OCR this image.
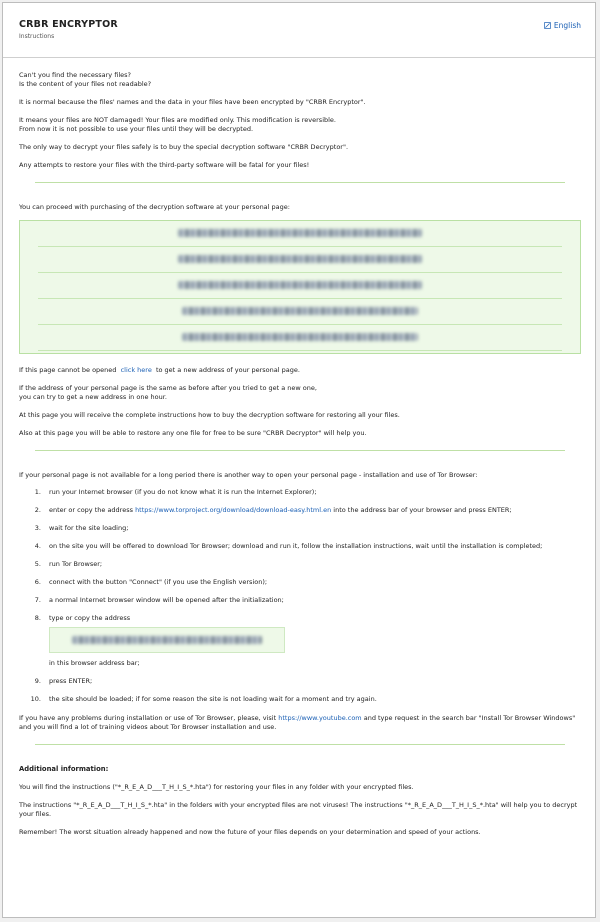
CRBR ENCRYPTOR
Instructions
English

Can't you find the necessary files?

Is the content of your files not readable?

It is normal because the files' names and the data in your files have been encrypted by "CRBR Encryptor".

It means your files are NOT damaged! Your files are modified only. This modification is reversible.

From now it is not possible to use your files until they will be decrypted.

The only way to decrypt your files safely is to buy the special decryption software "CRBR Decryptor".

Any attempts to restore your files with the third-party software will be fatal for your files!

You can proceed with purchasing of the decryption software at your personal page:

If this page cannot be opened click here to get a new address of your personal page.

If the address of your personal page is the same as before after you tried to get a new one,

you can try to get a new address in one hour.

At this page you will receive the complete instructions how to buy the decryption software for restoring all your files.

Also at this page you will be able to restore any one file for free to be sure "CRBR Decryptor" will help you.

If your personal page is not available for a long period there is another way to open your personal page - installation and use of Tor Browser:

1. run your Internet browser (if you do not know what it is run the Internet Explorer);
2. enter or copy the address https://www.torproject.org/download/download-easy.html.en into the address bar of your browser and press ENTER;
3. wait for the site loading;
4. on the site you will be offered to download Tor Browser; download and run it, follow the installation instructions, wait until the installation is completed;
5. run Tor Browser;
6. connect with the button "Connect" (if you use the English version);
7. a normal Internet browser window will be opened after the initialization;
8. type or copy the address
in this browser address bar;
9. press ENTER;
10. the site should be loaded; if for some reason the site is not loading wait for a moment and try again.

If you have any problems during installation or use of Tor Browser, please, visit https://www.youtube.com and type request in the search bar "Install Tor Browser Windows" and you will find a lot of training videos about Tor Browser installation and use.

Additional information:

You will find the instructions ("*_R_E_A_D___T_H_I_S_*.hta") for restoring your files in any folder with your encrypted files.

The instructions "*_R_E_A_D___T_H_I_S_*.hta" in the folders with your encrypted files are not viruses! The instructions "*_R_E_A_D___T_H_I_S_*.hta" will help you to decrypt your files.

Remember! The worst situation already happened and now the future of your files depends on your determination and speed of your actions.
